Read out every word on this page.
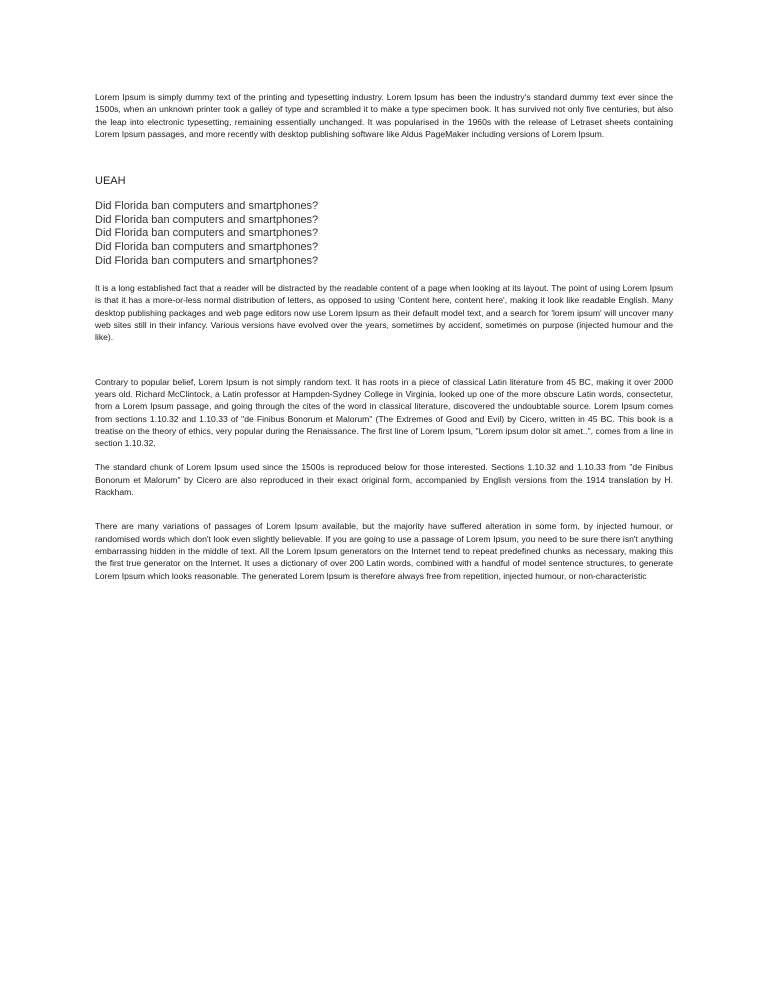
Lorem Ipsum is simply dummy text of the printing and typesetting industry. Lorem Ipsum has been the industry's standard dummy text ever since the 1500s, when an unknown printer took a galley of type and scrambled it to make a type specimen book. It has survived not only five centuries, but also the leap into electronic typesetting, remaining essentially unchanged. It was popularised in the 1960s with the release of Letraset sheets containing Lorem Ipsum passages, and more recently with desktop publishing software like Aldus PageMaker including versions of Lorem Ipsum.

UEAH

Did Florida ban computers and smartphones?
Did Florida ban computers and smartphones?
Did Florida ban computers and smartphones?
Did Florida ban computers and smartphones?
Did Florida ban computers and smartphones?

It is a long established fact that a reader will be distracted by the readable content of a page when looking at its layout. The point of using Lorem Ipsum is that it has a more-or-less normal distribution of letters, as opposed to using 'Content here, content here', making it look like readable English. Many desktop publishing packages and web page editors now use Lorem Ipsum as their default model text, and a search for 'lorem ipsum' will uncover many web sites still in their infancy. Various versions have evolved over the years, sometimes by accident, sometimes on purpose (injected humour and the like).

Contrary to popular belief, Lorem Ipsum is not simply random text. It has roots in a piece of classical Latin literature from 45 BC, making it over 2000 years old. Richard McClintock, a Latin professor at Hampden-Sydney College in Virginia, looked up one of the more obscure Latin words, consectetur, from a Lorem Ipsum passage, and going through the cites of the word in classical literature, discovered the undoubtable source. Lorem Ipsum comes from sections 1.10.32 and 1.10.33 of "de Finibus Bonorum et Malorum" (The Extremes of Good and Evil) by Cicero, written in 45 BC. This book is a treatise on the theory of ethics, very popular during the Renaissance. The first line of Lorem Ipsum, "Lorem ipsum dolor sit amet..", comes from a line in section 1.10.32.

The standard chunk of Lorem Ipsum used since the 1500s is reproduced below for those interested. Sections 1.10.32 and 1.10.33 from "de Finibus Bonorum et Malorum" by Cicero are also reproduced in their exact original form, accompanied by English versions from the 1914 translation by H. Rackham.

There are many variations of passages of Lorem Ipsum available, but the majority have suffered alteration in some form, by injected humour, or randomised words which don't look even slightly believable. If you are going to use a passage of Lorem Ipsum, you need to be sure there isn't anything embarrassing hidden in the middle of text. All the Lorem Ipsum generators on the Internet tend to repeat predefined chunks as necessary, making this the first true generator on the Internet. It uses a dictionary of over 200 Latin words, combined with a handful of model sentence structures, to generate Lorem Ipsum which looks reasonable. The generated Lorem Ipsum is therefore always free from repetition, injected humour, or non-characteristic
